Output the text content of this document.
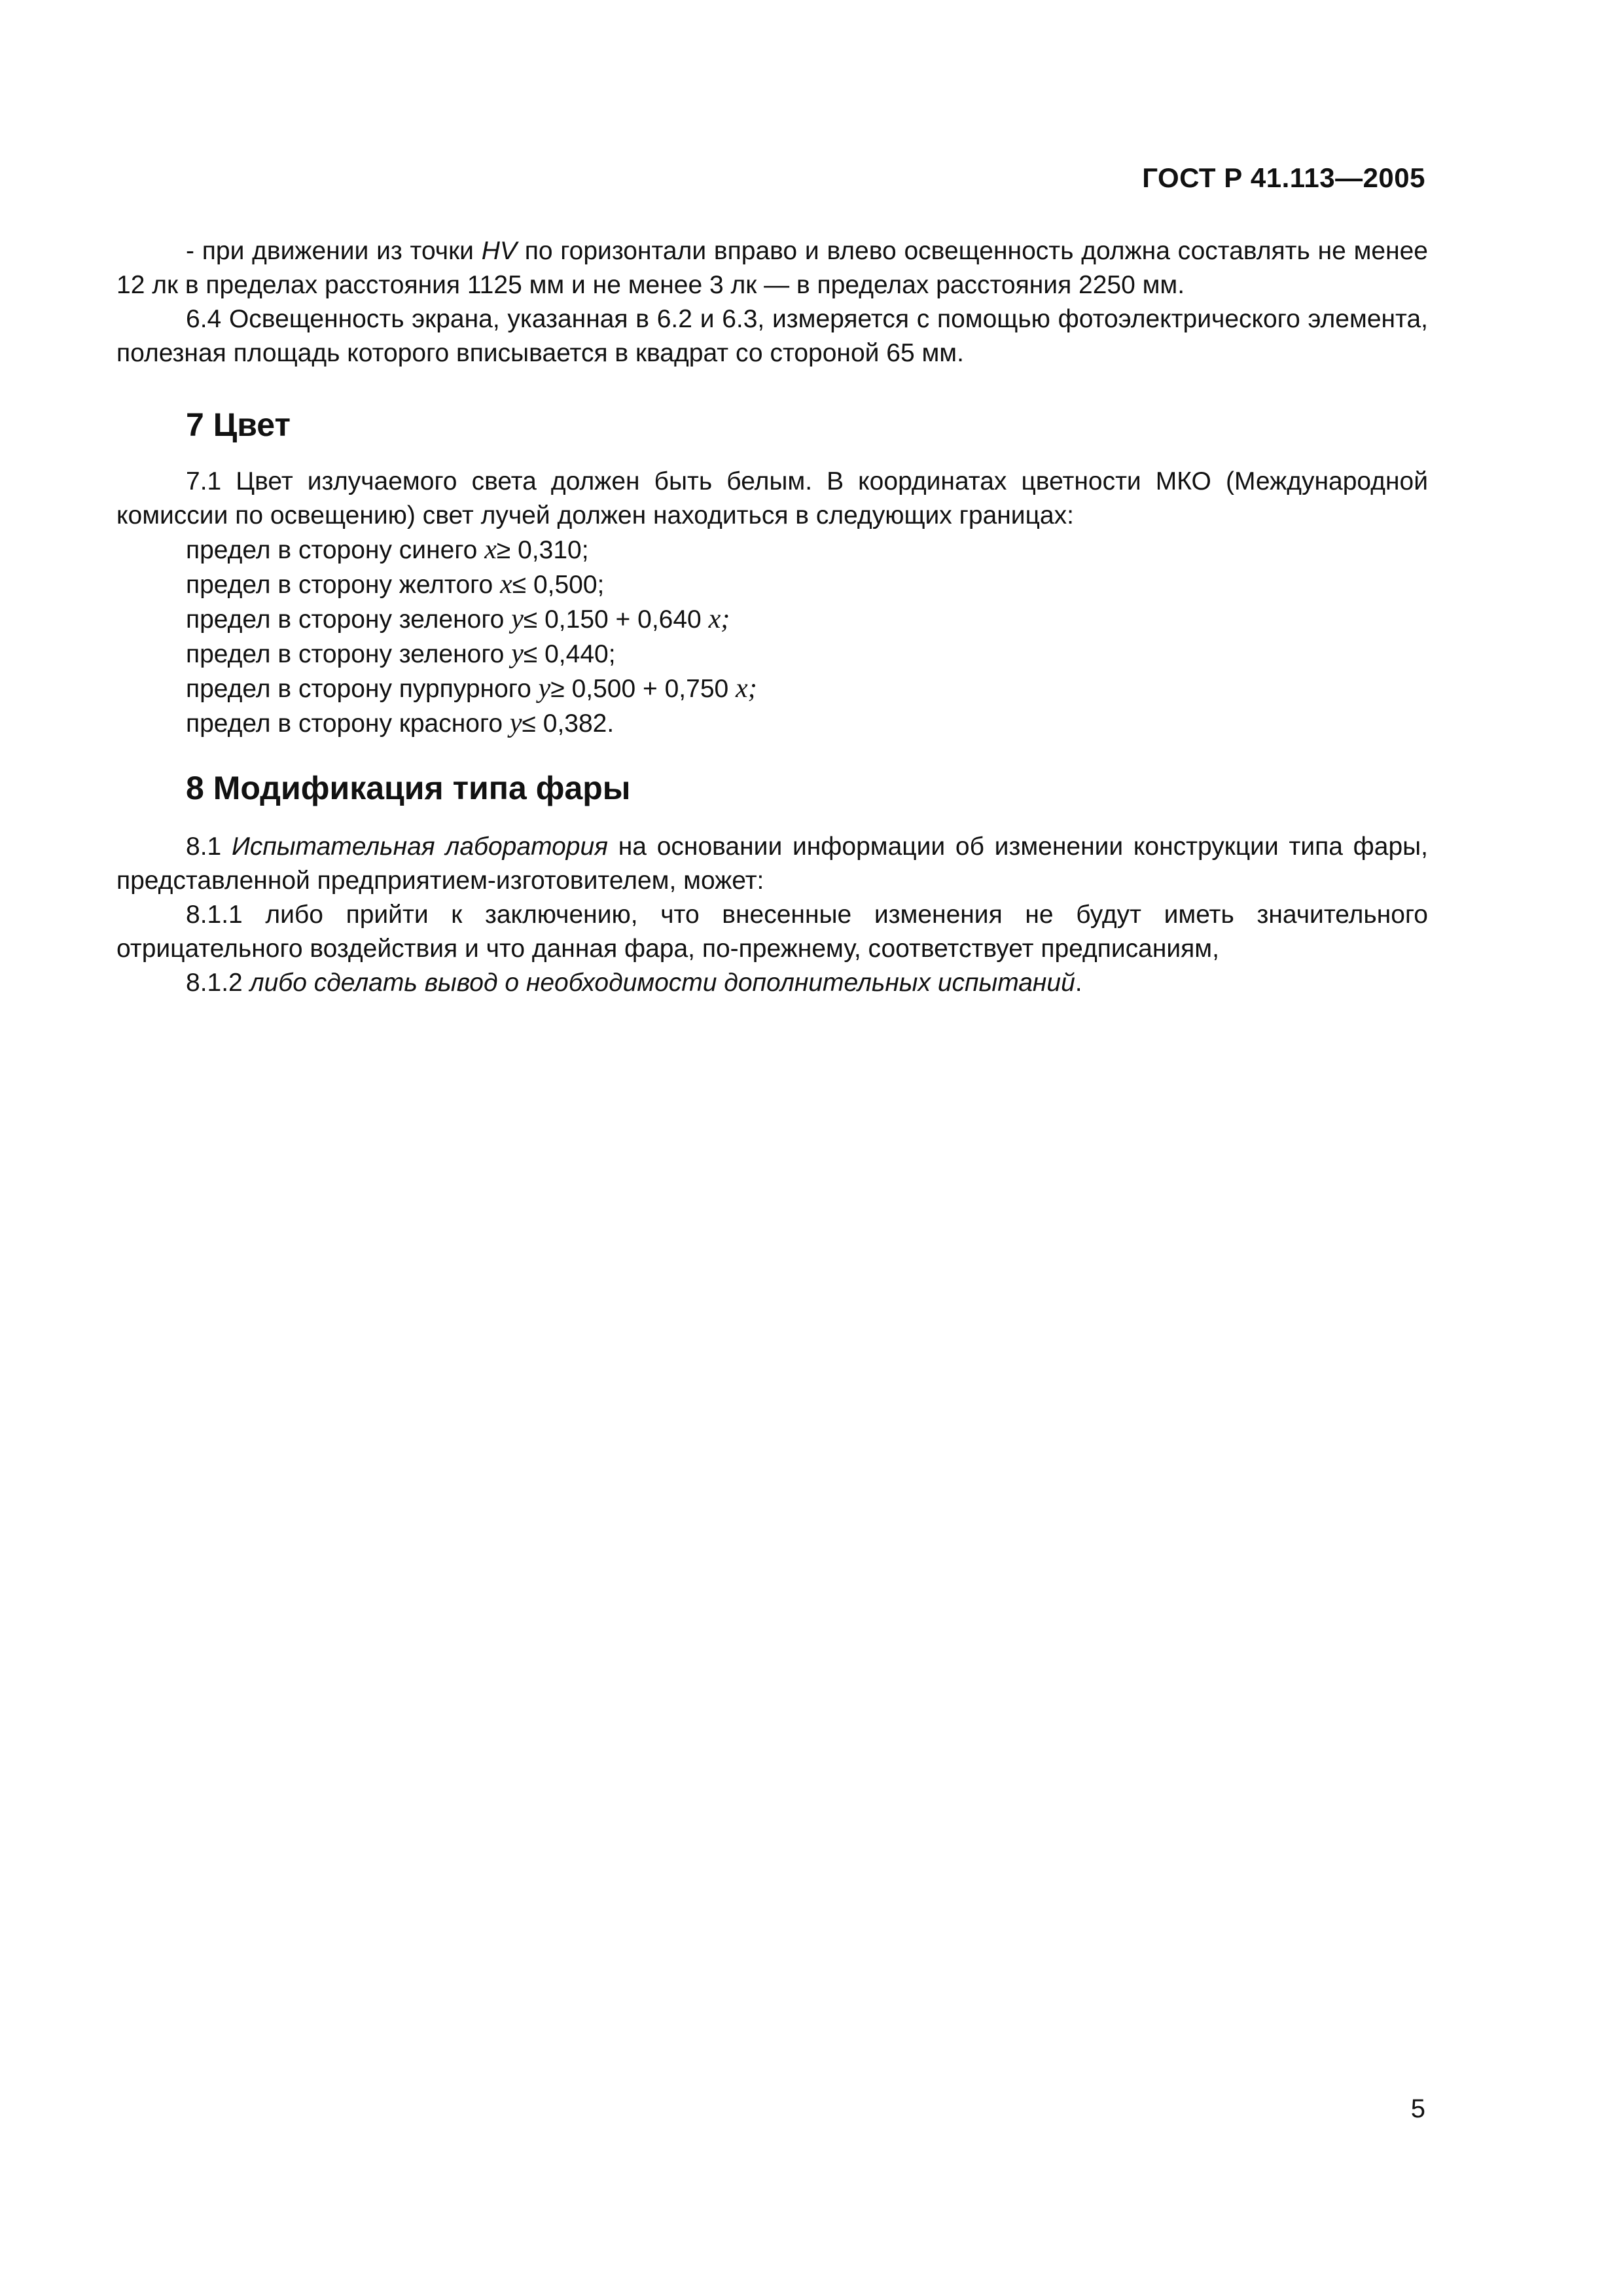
ГОСТ Р 41.113—2005

- при движении из точки HV по горизонтали вправо и влево освещенность должна составлять не менее 12 лк в пределах расстояния 1125 мм и не менее 3 лк — в пределах расстояния 2250 мм.

6.4 Освещенность экрана, указанная в 6.2 и 6.3, измеряется с помощью фотоэлектрического элемента, полезная площадь которого вписывается в квадрат со стороной 65 мм.

7 Цвет

7.1 Цвет излучаемого света должен быть белым. В координатах цветности МКО (Международной комиссии по освещению) свет лучей должен находиться в следующих границах:

предел в сторону синего x≥ 0,310;

предел в сторону желтого x≤ 0,500;

предел в сторону зеленого y≤ 0,150 + 0,640 x;

предел в сторону зеленого y≤ 0,440;

предел в сторону пурпурного y≥ 0,500 + 0,750 x;

предел в сторону красного y≤ 0,382.

8 Модификация типа фары

8.1 Испытательная лаборатория на основании информации об изменении конструкции типа фары, представленной предприятием-изготовителем, может:

8.1.1 либо прийти к заключению, что внесенные изменения не будут иметь значительного отрицательного воздействия и что данная фара, по-прежнему, соответствует предписаниям,

8.1.2 либо сделать вывод о необходимости дополнительных испытаний.

5
